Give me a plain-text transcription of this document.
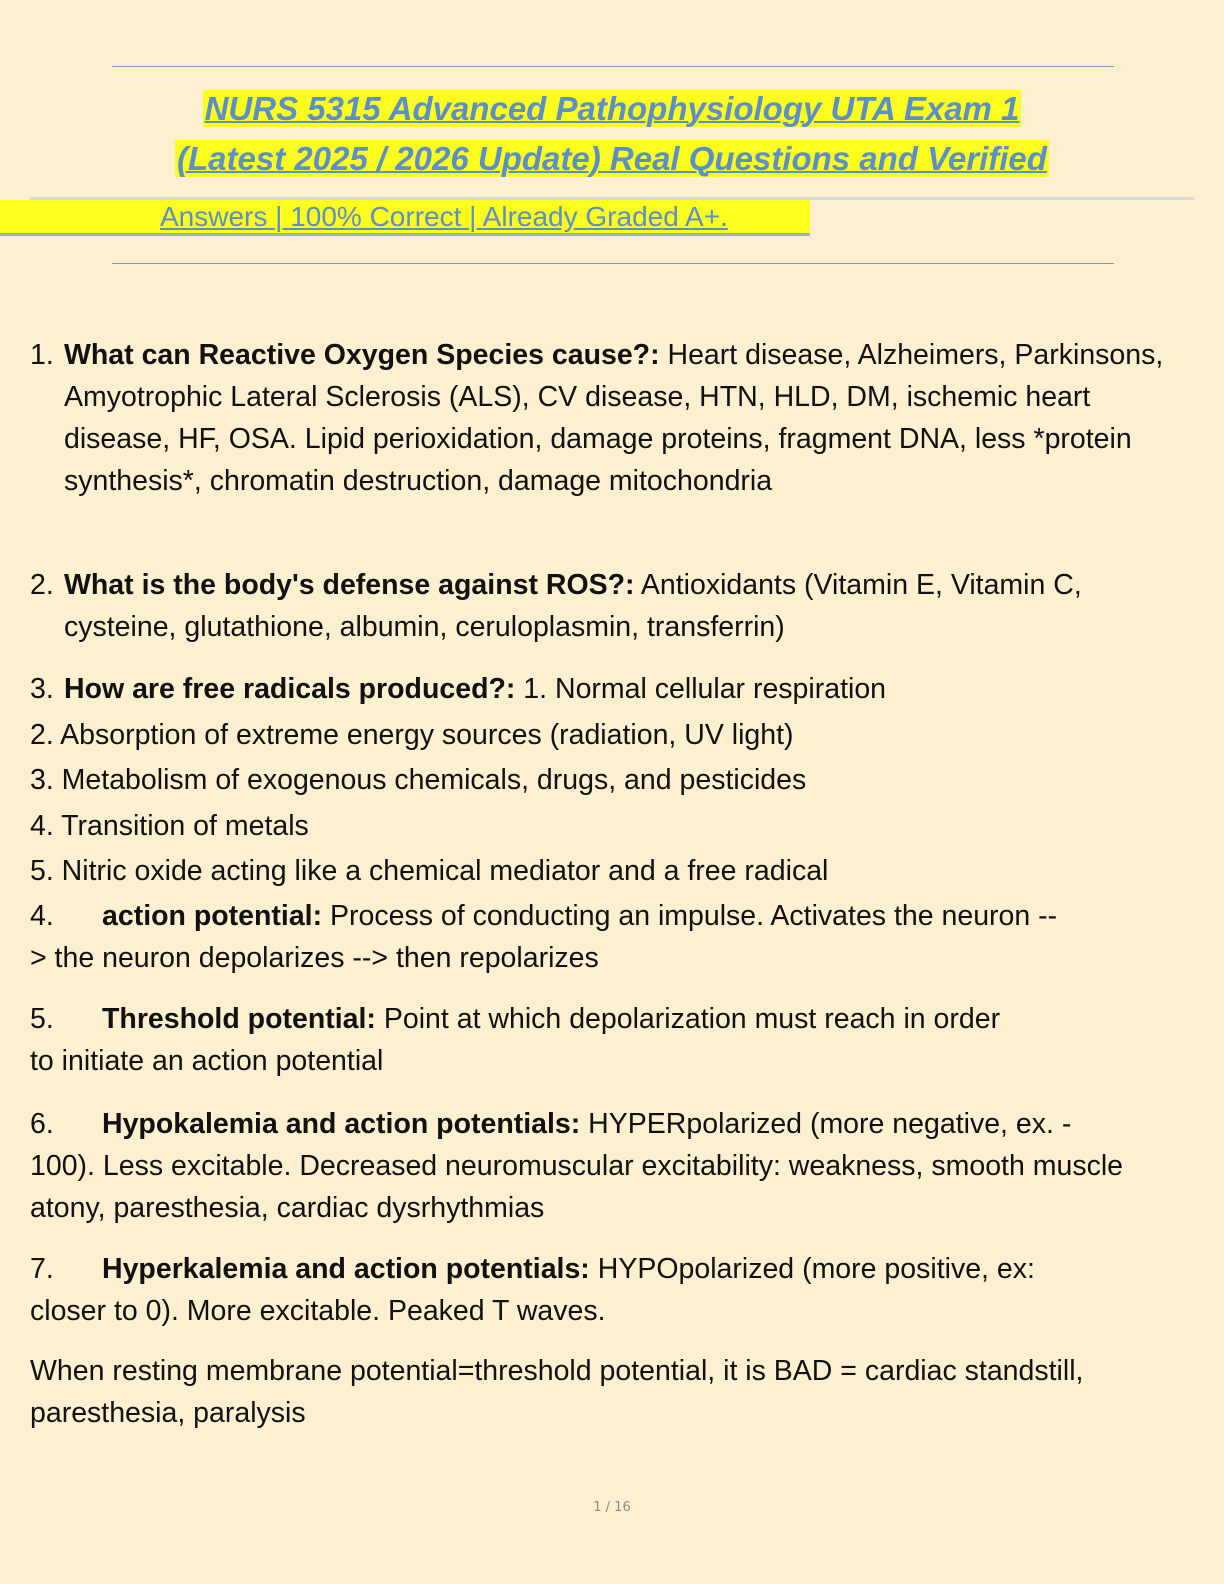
NURS 5315 Advanced Pathophysiology UTA Exam 1
(Latest 2025 / 2026 Update) Real Questions and Verified
Answers | 100% Correct | Already Graded A+.
1. What can Reactive Oxygen Species cause?: Heart disease, Alzheimers, Parkinsons, Amyotrophic Lateral Sclerosis (ALS), CV disease, HTN, HLD, DM, ischemic heart disease, HF, OSA. Lipid perioxidation, damage proteins, fragment DNA, less *protein synthesis*, chromatin destruction, damage mitochondria
2. What is the body's defense against ROS?: Antioxidants (Vitamin E, Vitamin C, cysteine, glutathione, albumin, ceruloplasmin, transferrin)
3. How are free radicals produced?: 1. Normal cellular respiration
2. Absorption of extreme energy sources (radiation, UV light)
3. Metabolism of exogenous chemicals, drugs, and pesticides
4. Transition of metals
5. Nitric oxide acting like a chemical mediator and a free radical
4. action potential: Process of conducting an impulse. Activates the neuron --
> the neuron depolarizes --> then repolarizes
5. Threshold potential: Point at which depolarization must reach in order
to initiate an action potential
6. Hypokalemia and action potentials: HYPERpolarized (more negative, ex. -
100). Less excitable. Decreased neuromuscular excitability: weakness, smooth muscle atony, paresthesia, cardiac dysrhythmias
7. Hyperkalemia and action potentials: HYPOpolarized (more positive, ex:
closer to 0). More excitable. Peaked T waves.
When resting membrane potential=threshold potential, it is BAD = cardiac standstill, paresthesia, paralysis
1 / 16
